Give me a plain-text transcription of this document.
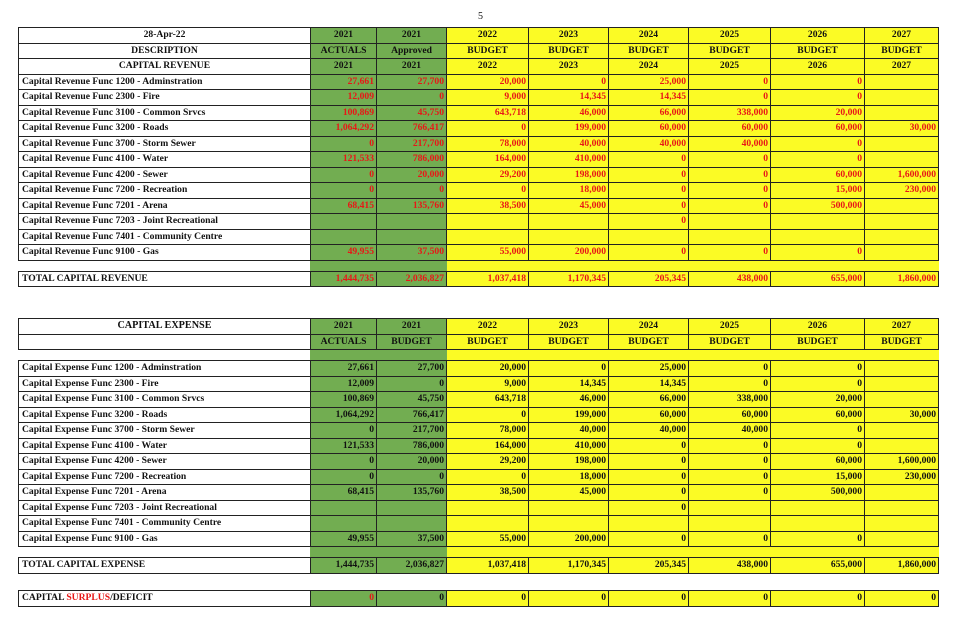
5
28-Apr-22	2021	2021	2022	2023	2024	2025	2026	2027
DESCRIPTION	ACTUALS	Approved	BUDGET	BUDGET	BUDGET	BUDGET	BUDGET	BUDGET
CAPITAL REVENUE	2021	2021	2022	2023	2024	2025	2026	2027
Capital Revenue Func 1200 - Adminstration	27,661	27,700	20,000	0	25,000	0	0	
Capital Revenue Func 2300 - Fire	12,009	0	9,000	14,345	14,345	0	0	
Capital Revenue Func 3100 - Common Srvcs	100,869	45,750	643,718	46,000	66,000	338,000	20,000	
Capital Revenue Func 3200 - Roads	1,064,292	766,417	0	199,000	60,000	60,000	60,000	30,000
Capital Revenue Func 3700 - Storm Sewer	0	217,700	78,000	40,000	40,000	40,000	0	
Capital Revenue Func 4100 - Water	121,533	786,000	164,000	410,000	0	0	0	
Capital Revenue Func 4200 - Sewer	0	20,000	29,200	198,000	0	0	60,000	1,600,000
Capital Revenue Func 7200 - Recreation	0	0	0	18,000	0	0	15,000	230,000
Capital Revenue Func 7201 - Arena	68,415	135,760	38,500	45,000	0	0	500,000	
Capital Revenue Func 7203 - Joint Recreational					0			
Capital Revenue Func 7401 - Community Centre								
Capital Revenue Func 9100 - Gas	49,955	37,500	55,000	200,000	0	0	0	

TOTAL CAPITAL REVENUE	1,444,735	2,036,827	1,037,418	1,170,345	205,345	438,000	655,000	1,860,000
CAPITAL EXPENSE	2021	2021	2022	2023	2024	2025	2026	2027
	ACTUALS	BUDGET	BUDGET	BUDGET	BUDGET	BUDGET	BUDGET	BUDGET

Capital Expense Func 1200 - Adminstration	27,661	27,700	20,000	0	25,000	0	0	
Capital Expense Func 2300 - Fire	12,009	0	9,000	14,345	14,345	0	0	
Capital Expense Func 3100 - Common Srvcs	100,869	45,750	643,718	46,000	66,000	338,000	20,000	
Capital Expense Func 3200 - Roads	1,064,292	766,417	0	199,000	60,000	60,000	60,000	30,000
Capital Expense Func 3700 - Storm Sewer	0	217,700	78,000	40,000	40,000	40,000	0	
Capital Expense Func 4100 - Water	121,533	786,000	164,000	410,000	0	0	0	
Capital Expense Func 4200 - Sewer	0	20,000	29,200	198,000	0	0	60,000	1,600,000
Capital Expense Func 7200 - Recreation	0	0	0	18,000	0	0	15,000	230,000
Capital Expense Func 7201 - Arena	68,415	135,760	38,500	45,000	0	0	500,000	
Capital Expense Func 7203 - Joint Recreational					0			
Capital Expense Func 7401 - Community Centre								
Capital Expense Func 9100 - Gas	49,955	37,500	55,000	200,000	0	0	0	

TOTAL CAPITAL EXPENSE	1,444,735	2,036,827	1,037,418	1,170,345	205,345	438,000	655,000	1,860,000
CAPITAL SURPLUS/DEFICIT	0	0	0	0	0	0	0	0
